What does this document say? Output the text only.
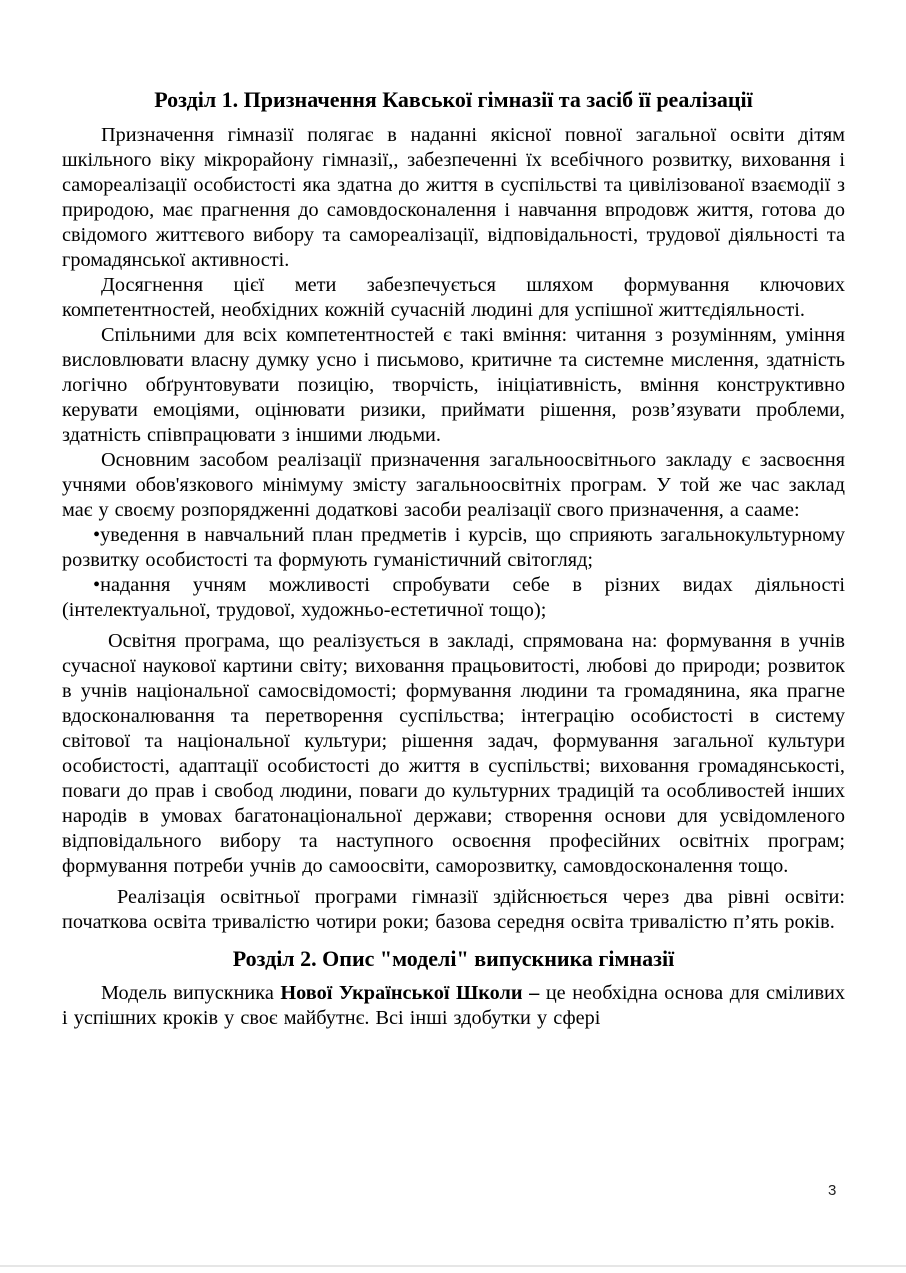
Розділ 1. Призначення Кавської гімназії та засіб її реалізації

Призначення гімназії полягає в наданні якісної повної загальної освіти дітям шкільного віку мікрорайону гімназії,, забезпеченні їх всебічного розвитку, виховання і самореалізації особистості яка здатна до життя в суспільстві та цивілізованої взаємодії з природою, має прагнення до самовдосконалення і навчання впродовж життя, готова до свідомого життєвого вибору та самореалізації, відповідальності, трудової діяльності та громадянської активності.

Досягнення цієї мети забезпечується шляхом формування ключових компетентностей, необхідних кожній сучасній людині для успішної життєдіяльності.

Спільними для всіх компетентностей є такі вміння: читання з розумінням, уміння висловлювати власну думку усно і письмово, критичне та системне мислення, здатність логічно обґрунтовувати позицію, творчість, ініціативність, вміння конструктивно керувати емоціями, оцінювати ризики, приймати рішення, розв’язувати проблеми, здатність співпрацювати з іншими людьми.

Основним засобом реалізації призначення загальноосвітнього закладу є засвоєння учнями обов'язкового мінімуму змісту загальноосвітніх програм. У той же час заклад має у своєму розпорядженні додаткові засоби реалізації свого призначення, а сааме:

•уведення в навчальний план предметів і курсів, що сприяють загальнокультурному розвитку особистості та формують гуманістичний світогляд;

•надання учням можливості спробувати себе в різних видах діяльності (інтелектуальної, трудової, художньо-естетичної тощо);

Освітня програма, що реалізується в закладі, спрямована на: формування в учнів сучасної наукової картини світу; виховання працьовитості, любові до природи; розвиток в учнів національної самосвідомості; формування людини та громадянина, яка прагне вдосконалювання та перетворення суспільства; інтеграцію особистості в систему світової та національної культури; рішення задач, формування загальної культури особистості, адаптації особистості до життя в суспільстві; виховання громадянськості, поваги до прав і свобод людини, поваги до культурних традицій та особливостей інших народів в умовах багатонаціональної держави; створення основи для усвідомленого відповідального вибору та наступного освоєння професійних освітніх програм; формування потреби учнів до самоосвіти, саморозвитку, самовдосконалення тощо.

Реалізація освітньої програми гімназії здійснюється через два рівні освіти: початкова освіта тривалістю чотири роки; базова середня освіта тривалістю п’ять років.

Розділ 2. Опис "моделі" випускника гімназії

Модель випускника Нової Української Школи – це необхідна основа для сміливих і успішних кроків у своє майбутнє. Всі інші здобутки у сфері

3
